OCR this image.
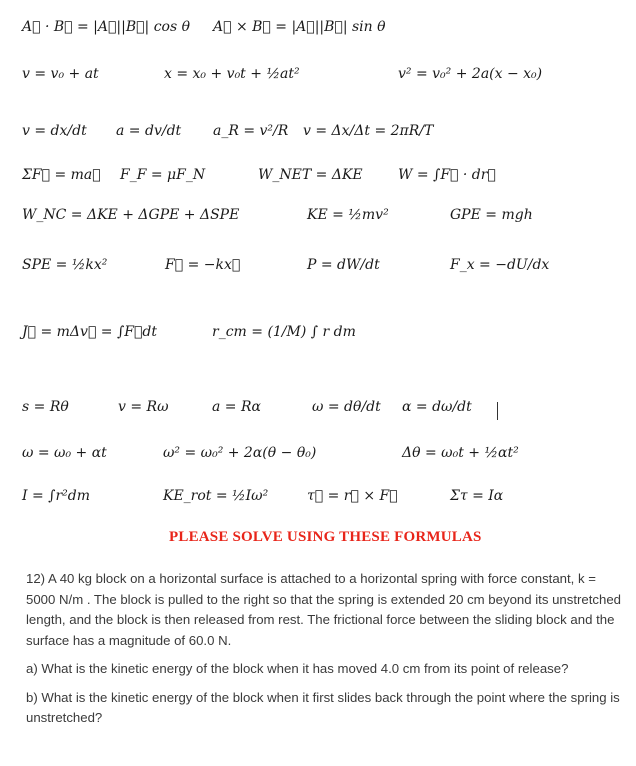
A⃗ · B⃗ = |A⃗||B⃗| cos θ A⃗ × B⃗ = |A⃗||B⃗| sin θ
v = v₀ + at	x = x₀ + v₀t + ½at²	v² = v₀² + 2a(x − x₀)
v = dx/dt a = dv/dt a_R = v²/R v = Δx/Δt = 2πR/T
ΣF⃗ = ma⃗ F_F = μF_N	W_NET = ΔKE	W = ∫F⃗ · dr⃗
W_NC = ΔKE + ΔGPE + ΔSPE	KE = ½mv²	GPE = mgh
SPE = ½kx²	F⃗ = −kx⃗	P = dW/dt	F_x = −dU/dx
J⃗ = mΔv⃗ = ∫F⃗dt	r_cm = (1/M) ∫ r dm
s = Rθ	v = Rω	a = Rα	ω = dθ/dt α = dω/dt
ω = ω₀ + αt	ω² = ω₀² + 2α(θ − θ₀)	Δθ = ω₀t + ½αt²
I = ∫r²dm	KE_rot = ½Iω²	τ⃗ = r⃗ × F⃗	Στ = Iα
PLEASE SOLVE USING THESE FORMULAS

12) A 40 kg block on a horizontal surface is attached to a horizontal spring with force constant, k = 5000 N/m . The block is pulled to the right so that the spring is extended 20 cm beyond its unstretched length, and the block is then released from rest. The frictional force between the sliding block and the surface has a magnitude of 60.0 N.

a) What is the kinetic energy of the block when it has moved 4.0 cm from its point of release?

b) What is the kinetic energy of the block when it first slides back through the point where the spring is unstretched?
